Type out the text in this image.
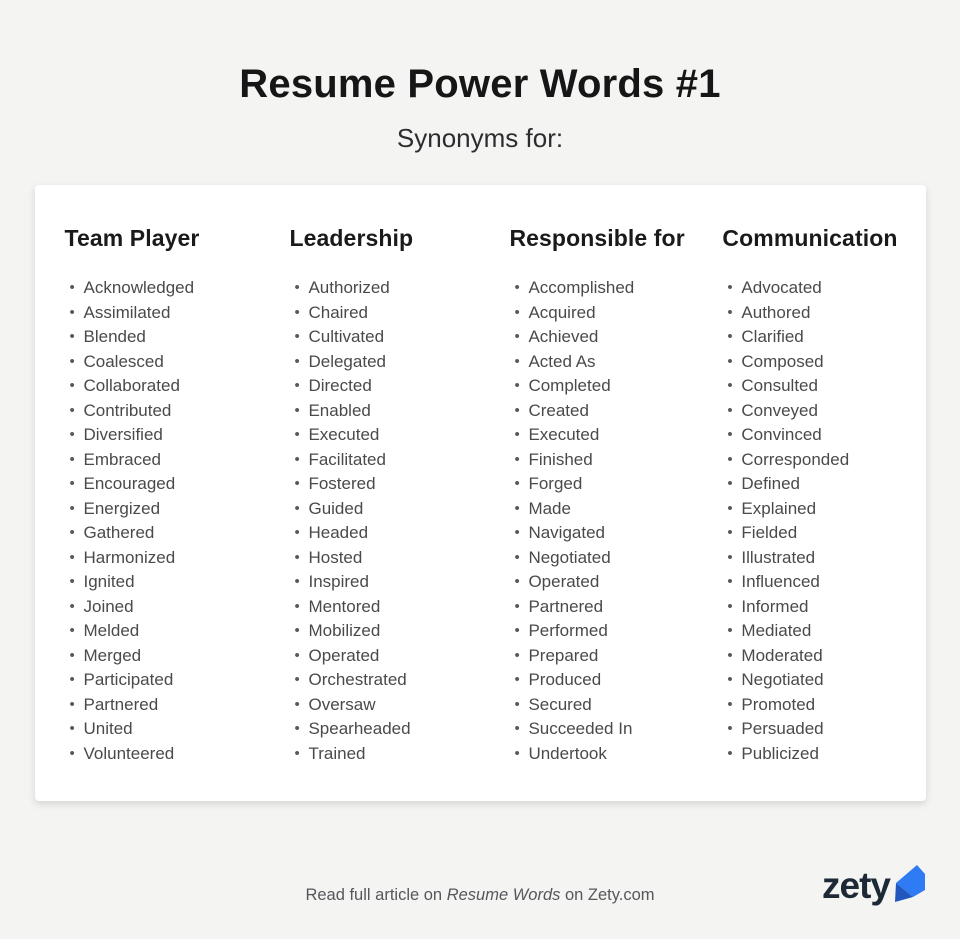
Resume Power Words #1
Synonyms for:
Team Player
• Acknowledged
• Assimilated
• Blended
• Coalesced
• Collaborated
• Contributed
• Diversified
• Embraced
• Encouraged
• Energized
• Gathered
• Harmonized
• Ignited
• Joined
• Melded
• Merged
• Participated
• Partnered
• United
• Volunteered
Leadership
• Authorized
• Chaired
• Cultivated
• Delegated
• Directed
• Enabled
• Executed
• Facilitated
• Fostered
• Guided
• Headed
• Hosted
• Inspired
• Mentored
• Mobilized
• Operated
• Orchestrated
• Oversaw
• Spearheaded
• Trained
Responsible for
• Accomplished
• Acquired
• Achieved
• Acted As
• Completed
• Created
• Executed
• Finished
• Forged
• Made
• Navigated
• Negotiated
• Operated
• Partnered
• Performed
• Prepared
• Produced
• Secured
• Succeeded In
• Undertook
Communication
• Advocated
• Authored
• Clarified
• Composed
• Consulted
• Conveyed
• Convinced
• Corresponded
• Defined
• Explained
• Fielded
• Illustrated
• Influenced
• Informed
• Mediated
• Moderated
• Negotiated
• Promoted
• Persuaded
• Publicized
Read full article on Resume Words on Zety.com	zety
